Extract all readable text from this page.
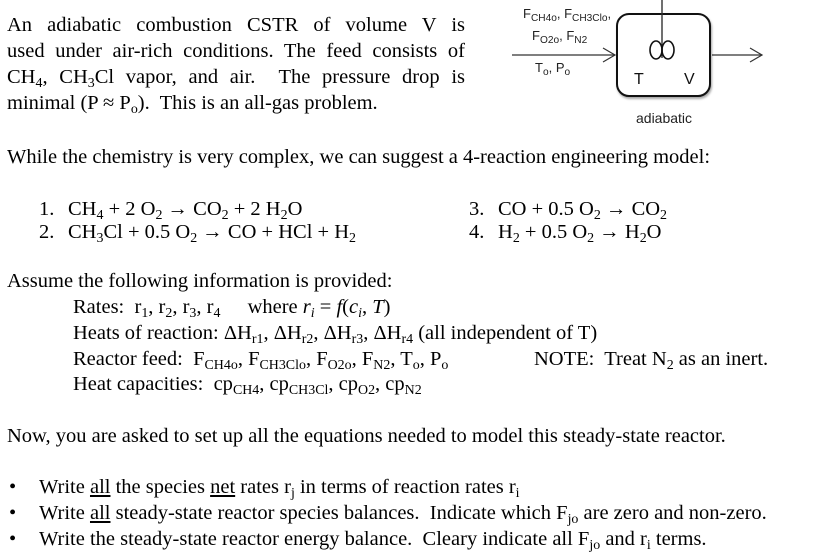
An adiabatic combustion CSTR of volume V is
used under air-rich conditions. The feed consists of
$CH_4$, $CH_3Cl$ vapor, and air.  The pressure drop is
minimal $(P \approx P_o)$.  This is an all-gas problem.
$F_{CH4o}$, $F_{CH3Clo}$,
$F_{O2o}$, $F_{N2}$
$T_o$, $P_o$	T	V
adiabatic
While the chemistry is very complex, we can suggest a 4-reaction engineering model:
1. $CH_4 + 2$ $O_2 \to CO_2 + 2$ $H_2O$
2. $CH_3Cl + 0.5$ $O_2$ → CO + HCl + $H_2$
3. CO + 0.5 $O_2 \to CO_2$
4. $H_2 + 0.5$ $O_2 \to H_2O$
Assume the following information is provided:
Rates:  $r_1$, $r_2$, $r_3$, $r_4$ where $r_i = f(c_i$, T)
Heats of reaction: $\Delta H_{r1}$, $\Delta H_{r2}$, $\Delta H_{r3}$, $\Delta H_{r4}$ (all independent of T)
Reactor feed:  $F_{CH4o}$, $F_{CH3Clo}$, $F_{O2o}$, $F_{N2}$, $T_o$, $P_o$	NOTE:  Treat $N_2$ as an inert.
Heat capacities:  $cp_{CH4}$, $cp_{CH3Cl}$, $cp_{O2}$, $cp_{N2}$
Now, you are asked to set up all the equations needed to model this steady-state reactor.
• Write all the species net rates $r_j$ in terms of reaction rates $r_i$
• Write all steady-state reactor species balances.  Indicate which $F_{jo}$ are zero and non-zero.
• Write the steady-state reactor energy balance.  Cleary indicate all $F_{jo}$ and $r_i$ terms.
